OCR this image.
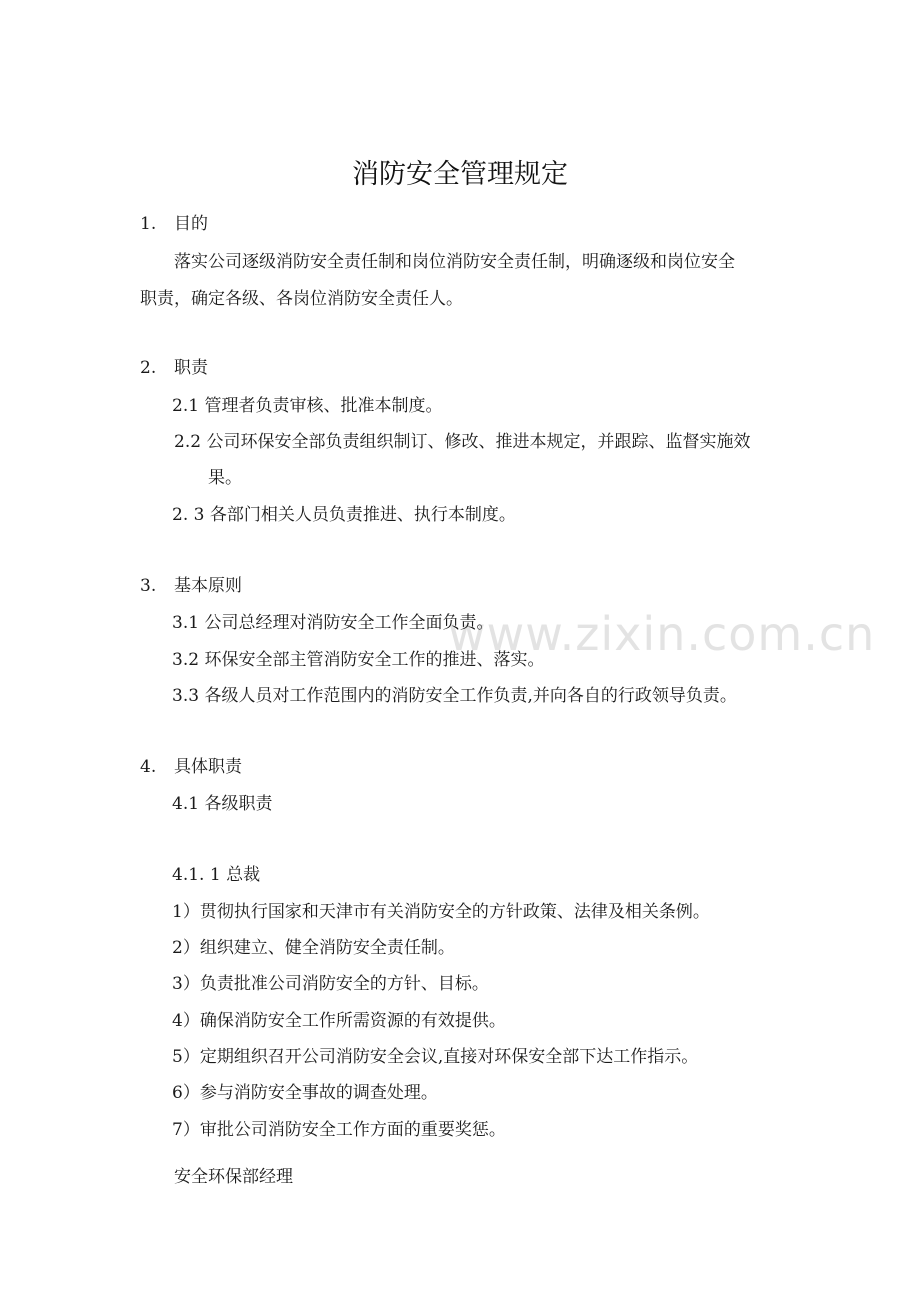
www.zixin.com.cn
消防安全管理规定
1. 目的
落实公司逐级消防安全责任制和岗位消防安全责任制，明确逐级和岗位安全
职责，确定各级、各岗位消防安全责任人。
2. 职责
2.1 管理者负责审核、批准本制度。
2.2 公司环保安全部负责组织制订、修改、推进本规定，并跟踪、监督实施效
果。
2. 3 各部门相关人员负责推进、执行本制度。
3. 基本原则
3.1 公司总经理对消防安全工作全面负责。
3.2 环保安全部主管消防安全工作的推进、落实。
3.3 各级人员对工作范围内的消防安全工作负责,并向各自的行政领导负责。
4. 具体职责
4.1 各级职责
4.1. 1 总裁
1）贯彻执行国家和天津市有关消防安全的方针政策、法律及相关条例。
2）组织建立、健全消防安全责任制。
3）负责批准公司消防安全的方针、目标。
4）确保消防安全工作所需资源的有效提供。
5）定期组织召开公司消防安全会议,直接对环保安全部下达工作指示。
6）参与消防安全事故的调查处理。
7）审批公司消防安全工作方面的重要奖惩。
安全环保部经理
